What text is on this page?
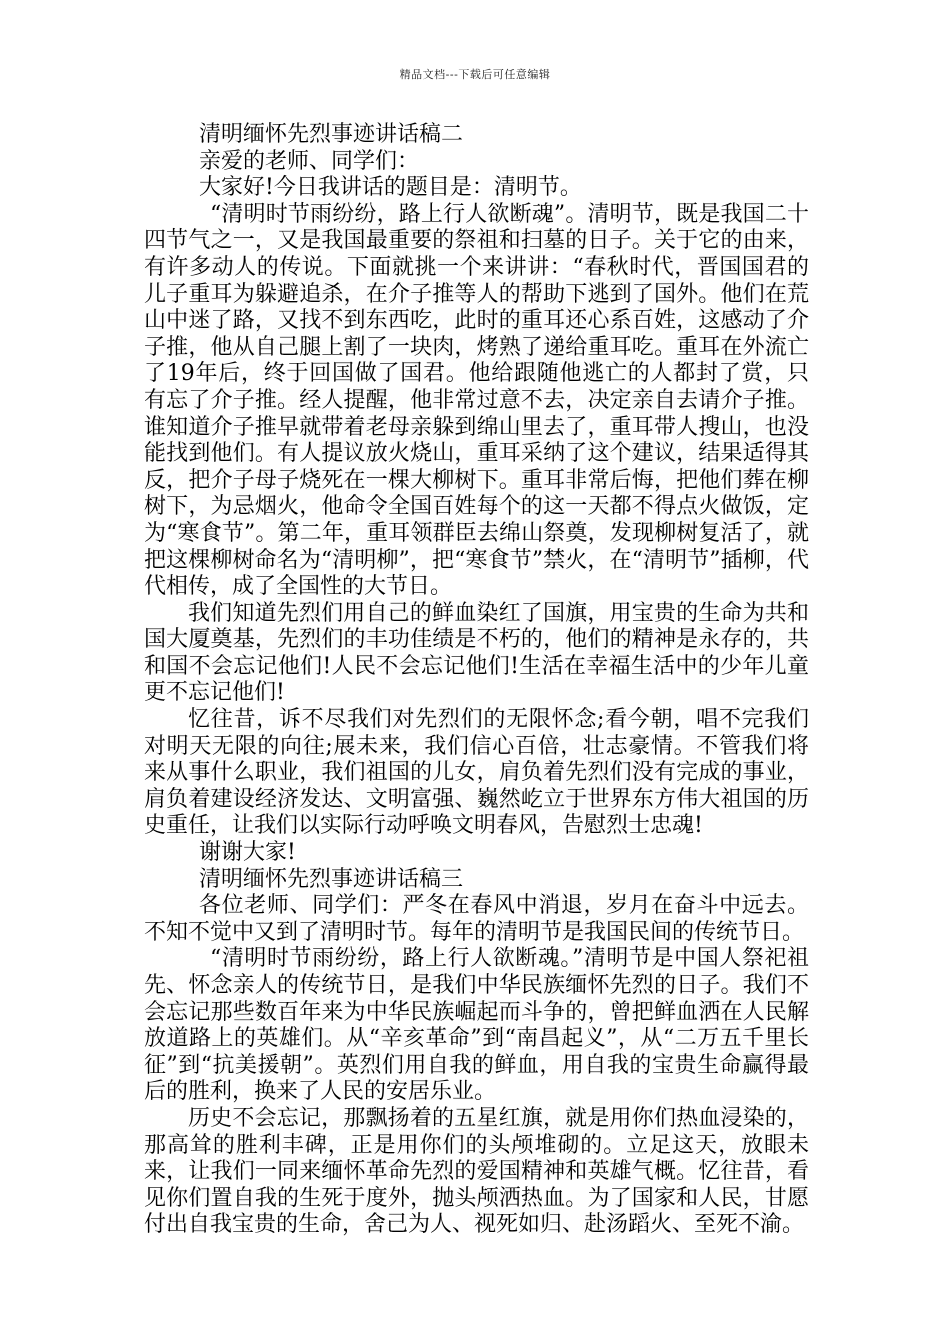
精品文档---下载后可任意编辑

清明缅怀先烈事迹讲话稿二

亲爱的老师、同学们：

大家好!今日我讲话的题目是：清明节。

“清明时节雨纷纷，路上行人欲断魂”。清明节，既是我国二十四节气之一，又是我国最重要的祭祖和扫墓的日子。关于它的由来，有许多动人的传说。下面就挑一个来讲讲：“春秋时代，晋国国君的儿子重耳为躲避追杀，在介子推等人的帮助下逃到了国外。他们在荒山中迷了路，又找不到东西吃，此时的重耳还心系百姓，这感动了介子推，他从自己腿上割了一块肉，烤熟了递给重耳吃。重耳在外流亡了19年后，终于回国做了国君。他给跟随他逃亡的人都封了赏，只有忘了介子推。经人提醒，他非常过意不去，决定亲自去请介子推。谁知道介子推早就带着老母亲躲到绵山里去了，重耳带人搜山，也没能找到他们。有人提议放火烧山，重耳采纳了这个建议，结果适得其反，把介子母子烧死在一棵大柳树下。重耳非常后悔，把他们葬在柳树下，为忌烟火，他命令全国百姓每个的这一天都不得点火做饭，定为“寒食节”。第二年，重耳领群臣去绵山祭奠，发现柳树复活了，就把这棵柳树命名为“清明柳”，把“寒食节”禁火，在“清明节”插柳，代代相传，成了全国性的大节日。

我们知道先烈们用自己的鲜血染红了国旗，用宝贵的生命为共和国大厦奠基，先烈们的丰功佳绩是不朽的，他们的精神是永存的，共和国不会忘记他们!人民不会忘记他们!生活在幸福生活中的少年儿童更不忘记他们!

忆往昔，诉不尽我们对先烈们的无限怀念;看今朝，唱不完我们对明天无限的向往;展未来，我们信心百倍，壮志豪情。不管我们将来从事什么职业，我们祖国的儿女，肩负着先烈们没有完成的事业，肩负着建设经济发达、文明富强、巍然屹立于世界东方伟大祖国的历史重任，让我们以实际行动呼唤文明春风，告慰烈士忠魂!

谢谢大家!

清明缅怀先烈事迹讲话稿三

各位老师、同学们：严冬在春风中消退，岁月在奋斗中远去。不知不觉中又到了清明时节。每年的清明节是我国民间的传统节日。

“清明时节雨纷纷，路上行人欲断魂。”清明节是中国人祭祀祖先、怀念亲人的传统节日，是我们中华民族缅怀先烈的日子。我们不会忘记那些数百年来为中华民族崛起而斗争的，曾把鲜血洒在人民解放道路上的英雄们。从“辛亥革命”到“南昌起义”，从“二万五千里长征”到“抗美援朝”。英烈们用自我的鲜血，用自我的宝贵生命赢得最后的胜利，换来了人民的安居乐业。

历史不会忘记，那飘扬着的五星红旗，就是用你们热血浸染的，那高耸的胜利丰碑，正是用你们的头颅堆砌的。立足这天，放眼未来，让我们一同来缅怀革命先烈的爱国精神和英雄气概。忆往昔，看见你们置自我的生死于度外，抛头颅洒热血。为了国家和人民，甘愿付出自我宝贵的生命，舍己为人、视死如归、赴汤蹈火、至死不渝。
